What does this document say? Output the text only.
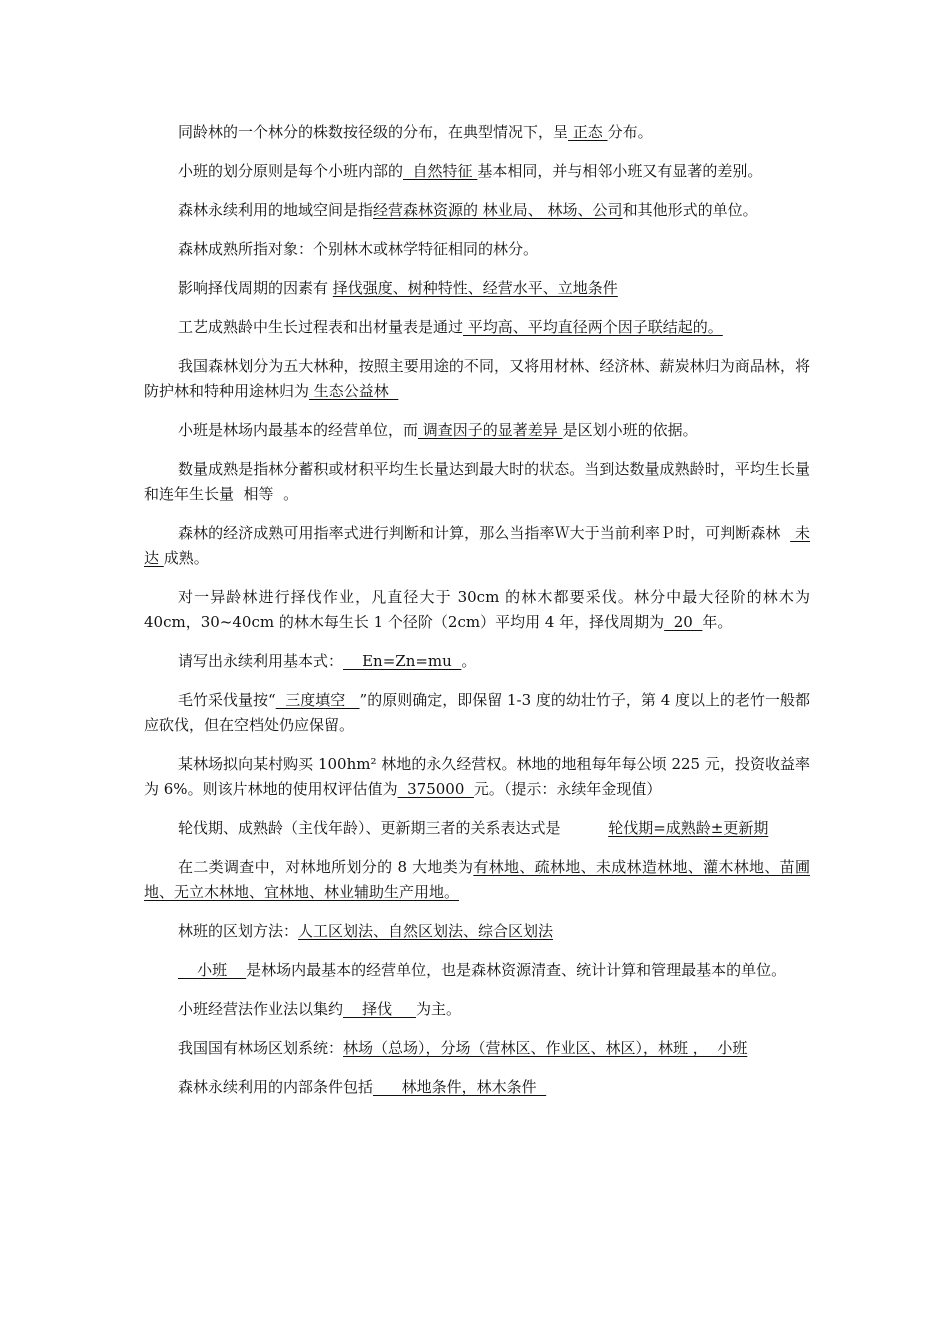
同龄林的一个林分的株数按径级的分布，在典型情况下，呈 正态 分布。

小班的划分原则是每个小班内部的  自然特征 基本相同，并与相邻小班又有显著的差别。

森林永续利用的地域空间是指经营森林资源的 林业局、 林场、公司和其他形式的单位。

森林成熟所指对象：个别林木或林学特征相同的林分。

影响择伐周期的因素有 择伐强度、树种特性、经营水平、立地条件

工艺成熟龄中生长过程表和出材量表是通过 平均高、平均直径两个因子联结起的。

我国森林划分为五大林种，按照主要用途的不同，又将用材林、经济林、薪炭林归为商品林，将防护林和特种用途林归为 生态公益林

小班是林场内最基本的经营单位，而 调查因子的显著差异 是区划小班的依据。

数量成熟是指林分蓄积或材积平均生长量达到最大时的状态。当到达数量成熟龄时，平均生长量和连年生长量  相等  。

森林的经济成熟可用指率式进行判断和计算，那么当指率Ｗ大于当前利率Ｐ时，可判断森林   未达 成熟。

对一异龄林进行择伐作业，凡直径大于 30cm 的林木都要采伐。林分中最大径阶的林木为 40cm，30~40cm 的林木每生长 1 个径阶（2cm）平均用 4 年，择伐周期为  20  年。

请写出永续利用基本式：    En=Zn=mu  。

毛竹采伐量按“  三度填空   ”的原则确定，即保留 1-3 度的幼壮竹子，第 4 度以上的老竹一般都应砍伐，但在空档处仍应保留。

某林场拟向某村购买 100hm² 林地的永久经营权。林地的地租每年每公顷 225 元，投资收益率为 6%。则该片林地的使用权评估值为  375000  元。（提示：永续年金现值）

轮伐期、成熟龄（主伐年龄）、更新期三者的关系表达式是          轮伐期=成熟龄±更新期

在二类调查中，对林地所划分的 8 大地类为有林地、疏林地、未成林造林地、灌木林地、苗圃地、无立木林地、宜林地、林业辅助生产用地。

林班的区划方法：人工区划法、自然区划法、综合区划法

小班    是林场内最基本的经营单位，也是森林资源清查、统计计算和管理最基本的单位。

小班经营法作业法以集约    择伐     为主。

我国国有林场区划系统：林场（总场），分场（营林区、作业区、林区），林班 ，  小班

森林永续利用的内部条件包括      林地条件，林木条件
